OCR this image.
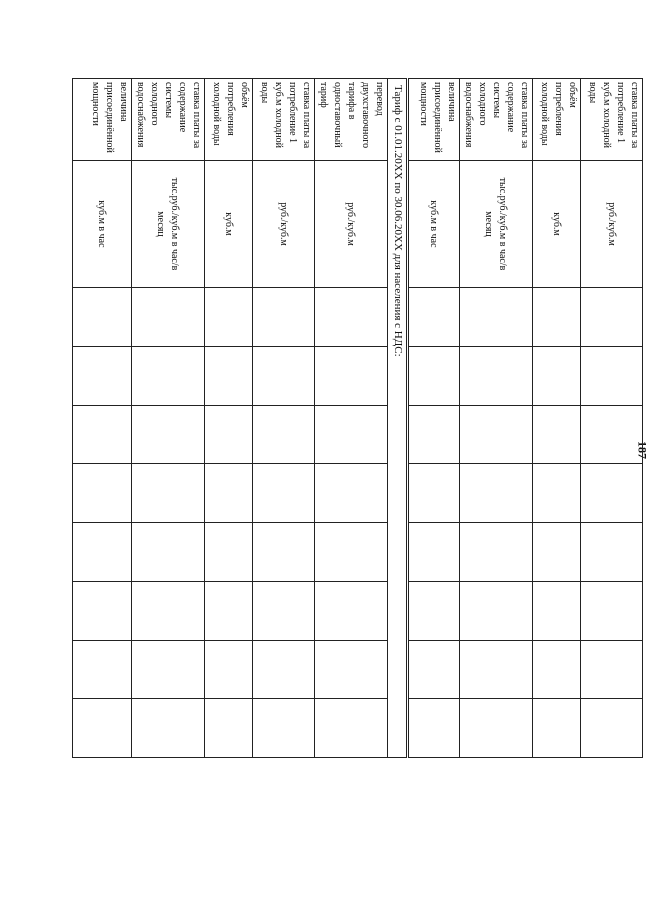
187
ставка платы за потребление 1 куб.м холодной воды	руб./куб.м								
объём потребления холодной воды	куб.м								
ставка платы за содержание системы холодного водоснабжения	тыс.руб./куб.м в час/в месяц								
величина присоединённой мощности	куб.м в час								
Тариф с 01.01.20XX по 30.06.20XX для населения с НДС:									
перевод двухставочного тарифа в одноставочный тариф	руб./куб.м								
ставка платы за потребление 1 куб.м холодной воды	руб./куб.м								
объём потребления холодной воды	куб.м								
ставка платы за содержание системы холодного водоснабжения	тыс.руб./куб.м в час/в месяц								
величина присоединённой мощности	куб.м в час								
